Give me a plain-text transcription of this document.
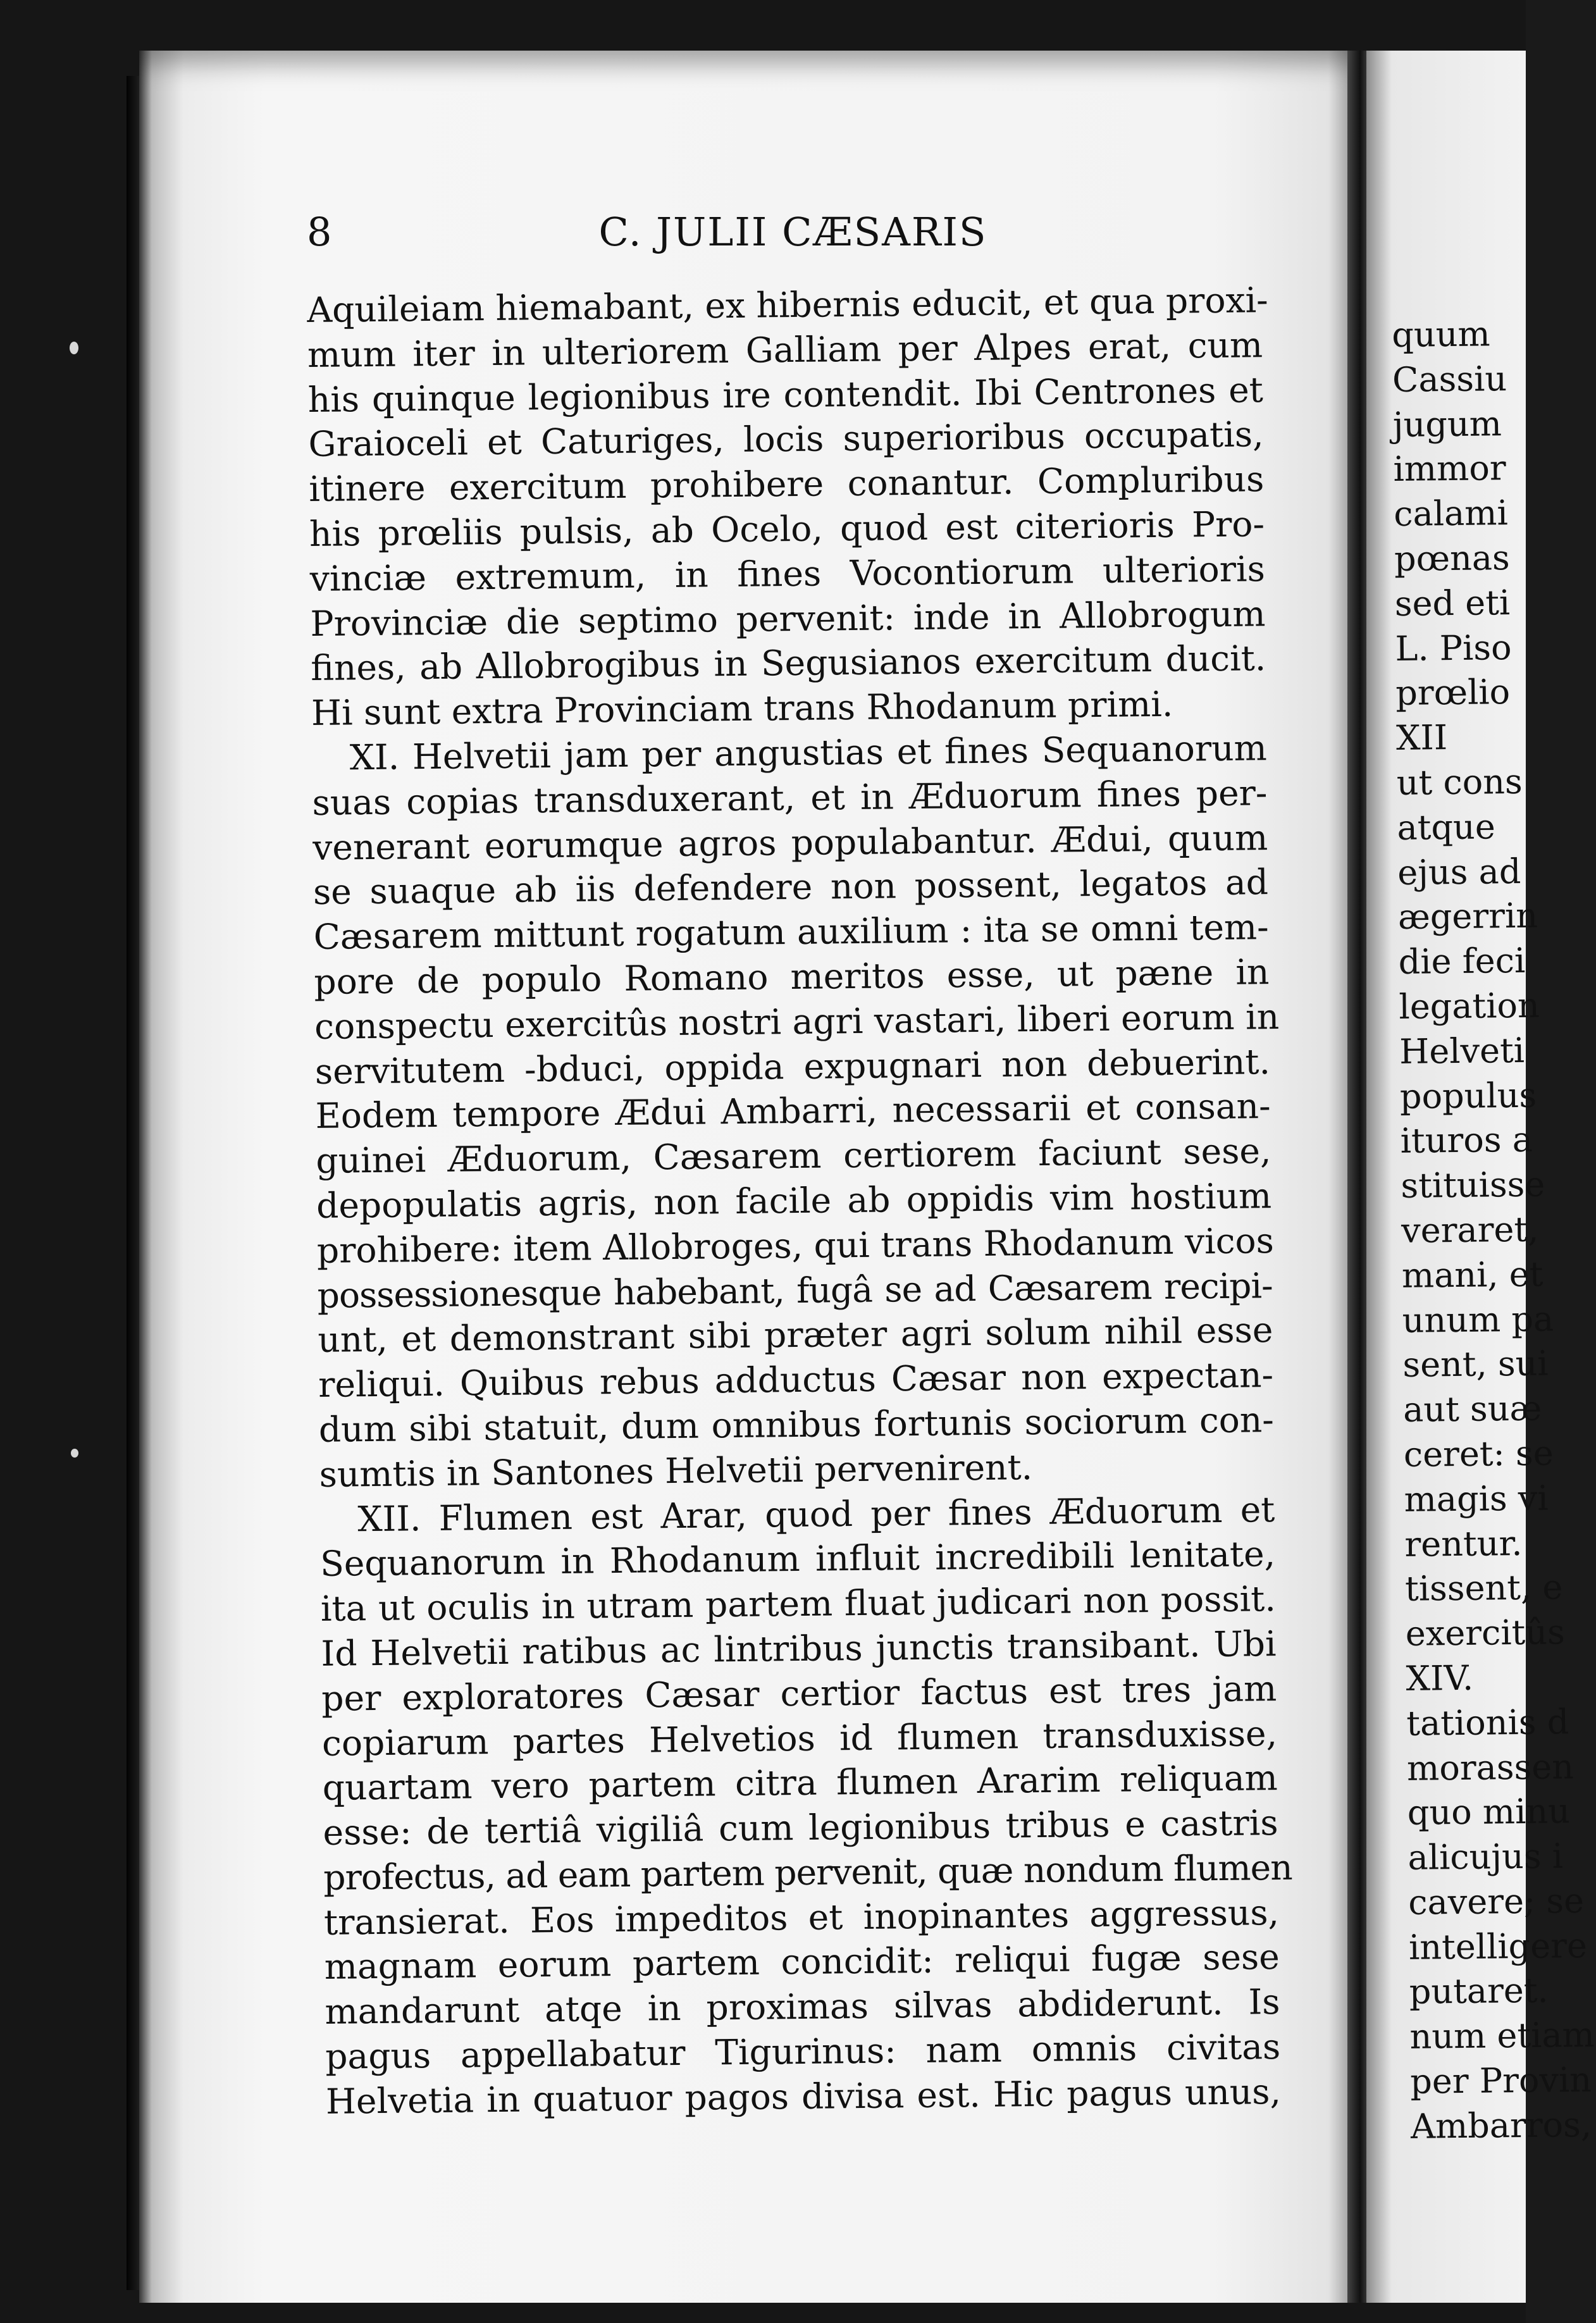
8	C. JULII CÆSARIS
Aquileiam hiemabant, ex hibernis educit, et qua proxi-
mum iter in ulteriorem Galliam per Alpes erat, cum
his quinque legionibus ire contendit. Ibi Centrones et
Graioceli et Caturiges, locis superioribus occupatis,
itinere exercitum prohibere conantur. Compluribus
his prœliis pulsis, ab Ocelo, quod est citerioris Pro-
vinciæ extremum, in fines Vocontiorum ulterioris
Provinciæ die septimo pervenit: inde in Allobrogum
fines, ab Allobrogibus in Segusianos exercitum ducit.
Hi sunt extra Provinciam trans Rhodanum primi.
XI. Helvetii jam per angustias et fines Sequanorum
suas copias transduxerant, et in Æduorum fines per-
venerant eorumque agros populabantur. Ædui, quum
se suaque ab iis defendere non possent, legatos ad
Cæsarem mittunt rogatum auxilium : ita se omni tem-
pore de populo Romano meritos esse, ut pæne in
conspectu exercitûs nostri agri vastari, liberi eorum in
servitutem -bduci, oppida expugnari non debuerint.
Eodem tempore Ædui Ambarri, necessarii et consan-
guinei Æduorum, Cæsarem certiorem faciunt sese,
depopulatis agris, non facile ab oppidis vim hostium
prohibere: item Allobroges, qui trans Rhodanum vicos
possessionesque habebant, fugâ se ad Cæsarem recipi-
unt, et demonstrant sibi præter agri solum nihil esse
reliqui. Quibus rebus adductus Cæsar non expectan-
dum sibi statuit, dum omnibus fortunis sociorum con-
sumtis in Santones Helvetii pervenirent.
XII. Flumen est Arar, quod per fines Æduorum et
Sequanorum in Rhodanum influit incredibili lenitate,
ita ut oculis in utram partem fluat judicari non possit.
Id Helvetii ratibus ac lintribus junctis transibant. Ubi
per exploratores Cæsar certior factus est tres jam
copiarum partes Helvetios id flumen transduxisse,
quartam vero partem citra flumen Ararim reliquam
esse: de tertiâ vigiliâ cum legionibus tribus e castris
profectus, ad eam partem pervenit, quæ nondum flumen
transierat. Eos impeditos et inopinantes aggressus,
magnam eorum partem concidit: reliqui fugæ sese
mandarunt atqe in proximas silvas abdiderunt. Is
pagus appellabatur Tigurinus: nam omnis civitas
Helvetia in quatuor pagos divisa est. Hic pagus unus,
quum
Cassiu
jugum
immor
calami
pœnas
sed eti
L. Piso
prœlio
XII
ut cons
atque
ejus ad
ægerrin
die feci
legation
Helveti
populus
ituros a
stituisse
veraret,
mani, et
unum pa
sent, sui
aut suæ
ceret: se
magis vi
rentur.
tissent, e
exercitûs
XIV.
tationis d
morassen
quo minu
alicujus i
cavere; se
intelligere
putaret.
num etiam
per Provin
Ambarros,
